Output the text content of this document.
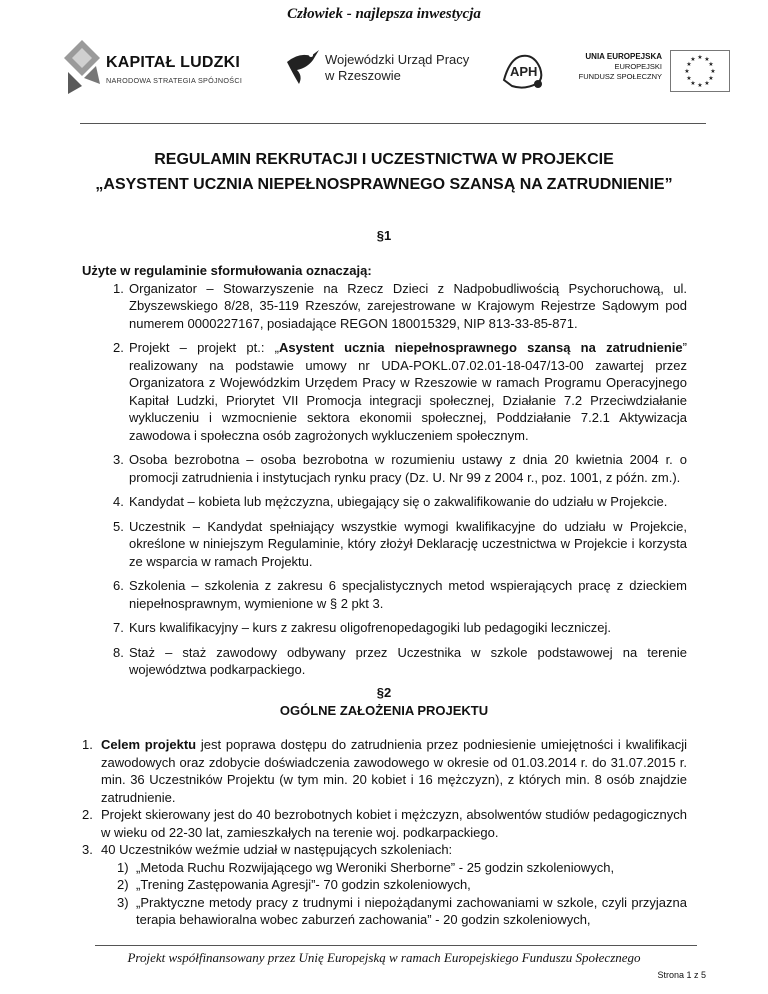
Człowiek - najlepsza inwestycja
KAPITAŁ LUDZKI
NARODOWA STRATEGIA SPÓJNOŚCI
Wojewódzki Urząd Pracy
w Rzeszowie	APH
UNIA EUROPEJSKA
EUROPEJSKI
FUNDUSZ SPOŁECZNY
★ ★
★
★
★
★
★
★
★
★
★
★
REGULAMIN REKRUTACJI I UCZESTNICTWA W PROJEKCIE
„ASYSTENT UCZNIA NIEPEŁNOSPRAWNEGO SZANSĄ NA ZATRUDNIENIE”
§1
Użyte w regulaminie sformułowania oznaczają:
1. Organizator – Stowarzyszenie na Rzecz Dzieci z Nadpobudliwością Psychoruchową, ul. Zbyszewskiego 8/28, 35-119 Rzeszów, zarejestrowane w Krajowym Rejestrze Sądowym pod numerem 0000227167, posiadające REGON 180015329, NIP 813-33-85-871.
2. Projekt – projekt pt.: „Asystent ucznia niepełnosprawnego szansą na zatrudnienie” realizowany na podstawie umowy nr UDA-POKL.07.02.01-18-047/13-00 zawartej przez Organizatora z Wojewódzkim Urzędem Pracy w Rzeszowie w ramach Programu Operacyjnego Kapitał Ludzki, Priorytet VII Promocja integracji społecznej, Działanie 7.2 Przeciwdziałanie wykluczeniu i wzmocnienie sektora ekonomii społecznej, Poddziałanie 7.2.1 Aktywizacja zawodowa i społeczna osób zagrożonych wykluczeniem społecznym.
3. Osoba bezrobotna – osoba bezrobotna w rozumieniu ustawy z dnia 20 kwietnia 2004 r. o promocji zatrudnienia i instytucjach rynku pracy (Dz. U. Nr 99 z 2004 r., poz. 1001, z późn. zm.).
4. Kandydat – kobieta lub mężczyzna, ubiegający się o zakwalifikowanie do udziału w Projekcie.
5. Uczestnik – Kandydat spełniający wszystkie wymogi kwalifikacyjne do udziału w Projekcie, określone w niniejszym Regulaminie, który złożył Deklarację uczestnictwa w Projekcie i korzysta ze wsparcia w ramach Projektu.
6. Szkolenia – szkolenia z zakresu 6 specjalistycznych metod wspierających pracę z dzieckiem niepełnosprawnym, wymienione w § 2 pkt 3.
7. Kurs kwalifikacyjny – kurs z zakresu oligofrenopedagogiki lub pedagogiki leczniczej.
8. Staż – staż zawodowy odbywany przez Uczestnika w szkole podstawowej na terenie województwa podkarpackiego.
§2
OGÓLNE ZAŁOŻENIA PROJEKTU
1. Celem projektu jest poprawa dostępu do zatrudnienia przez podniesienie umiejętności i kwalifikacji zawodowych oraz zdobycie doświadczenia zawodowego w okresie od 01.03.2014 r. do 31.07.2015 r. min. 36 Uczestników Projektu (w tym min. 20 kobiet i 16 mężczyzn), z których min. 8 osób znajdzie zatrudnienie.
2. Projekt skierowany jest do 40 bezrobotnych kobiet i mężczyzn, absolwentów studiów pedagogicznych w wieku od 22-30 lat, zamieszkałych na terenie woj. podkarpackiego.
3. 40 Uczestników weźmie udział w następujących szkoleniach:
1) „Metoda Ruchu Rozwijającego wg Weroniki Sherborne” - 25 godzin szkoleniowych,
2) „Trening Zastępowania Agresji”- 70 godzin szkoleniowych,
3) „Praktyczne metody pracy z trudnymi i niepożądanymi zachowaniami w szkole, czyli przyjazna terapia behawioralna wobec zaburzeń zachowania” - 20 godzin szkoleniowych,
Projekt współfinansowany przez Unię Europejską w ramach Europejskiego Funduszu Społecznego
Strona 1 z 5
